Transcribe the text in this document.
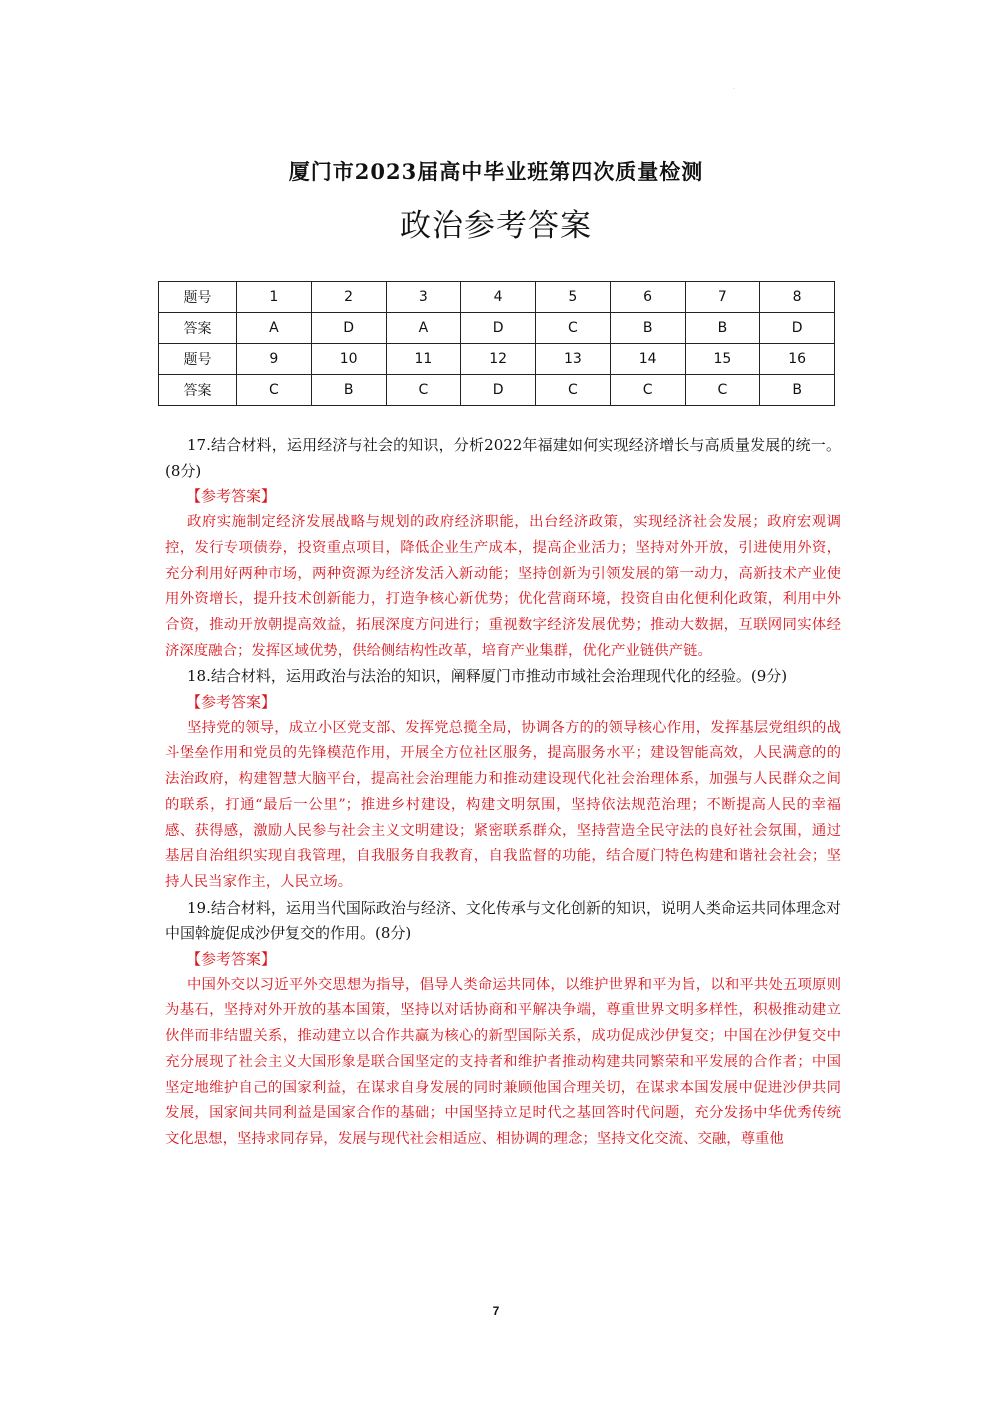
·
厦门市2023届高中毕业班第四次质量检测
政治参考答案
题号	1	2	3	4	5	6	7	8
答案	A	D	A	D	C	B	B	D
题号	9	10	11	12	13	14	15	16
答案	C	B	C	D	C	C	C	B

17.结合材料，运用经济与社会的知识，分析2022年福建如何实现经济增长与高质量发展的统一。(8分)

【参考答案】

政府实施制定经济发展战略与规划的政府经济职能，出台经济政策，实现经济社会发展；政府宏观调控，发行专项债券，投资重点项目，降低企业生产成本，提高企业活力；坚持对外开放，引进使用外资，充分利用好两种市场，两种资源为经济发活入新动能；坚持创新为引领发展的第一动力，高新技术产业使用外资增长，提升技术创新能力，打造争核心新优势；优化营商环境，投资自由化便利化政策，利用中外合资，推动开放朝提高效益，拓展深度方问进行；重视数字经济发展优势；推动大数据，互联网同实体经济深度融合；发挥区域优势，供给侧结构性改革，培育产业集群，优化产业链供产链。

18.结合材料，运用政治与法治的知识，阐释厦门市推动市域社会治理现代化的经验。(9分)

【参考答案】

坚持党的领导，成立小区党支部、发挥党总揽全局，协调各方的的领导核心作用，发挥基层党组织的战斗堡垒作用和党员的先锋模范作用，开展全方位社区服务，提高服务水平；建设智能高效，人民满意的的法治政府，构建智慧大脑平台，提高社会治理能力和推动建设现代化社会治理体系，加强与人民群众之间的联系，打通“最后一公里”；推进乡村建设，构建文明氛围，坚持依法规范治理；不断提高人民的幸福感、获得感，激励人民参与社会主义文明建设；紧密联系群众，坚持营造全民守法的良好社会氛围，通过基居自治组织实现自我管理，自我服务自我教育，自我监督的功能，结合厦门特色构建和谐社会社会；坚持人民当家作主，人民立场。

19.结合材料，运用当代国际政治与经济、文化传承与文化创新的知识，说明人类命运共同体理念对中国斡旋促成沙伊复交的作用。(8分)

【参考答案】

中国外交以习近平外交思想为指导，倡导人类命运共同体，以维护世界和平为旨，以和平共处五项原则为基石，坚持对外开放的基本国策，坚持以对话协商和平解决争端，尊重世界文明多样性，积极推动建立伙伴而非结盟关系，推动建立以合作共赢为核心的新型国际关系，成功促成沙伊复交；中国在沙伊复交中充分展现了社会主义大国形象是联合国坚定的支持者和维护者推动构建共同繁荣和平发展的合作者；中国坚定地维护自己的国家利益，在谋求自身发展的同时兼顾他国合理关切，在谋求本国发展中促进沙伊共同发展，国家间共同利益是国家合作的基础；中国坚持立足时代之基回答时代问题，充分发扬中华优秀传统文化思想，坚持求同存异，发展与现代社会相适应、相协调的理念；坚持文化交流、交融，尊重他

7
